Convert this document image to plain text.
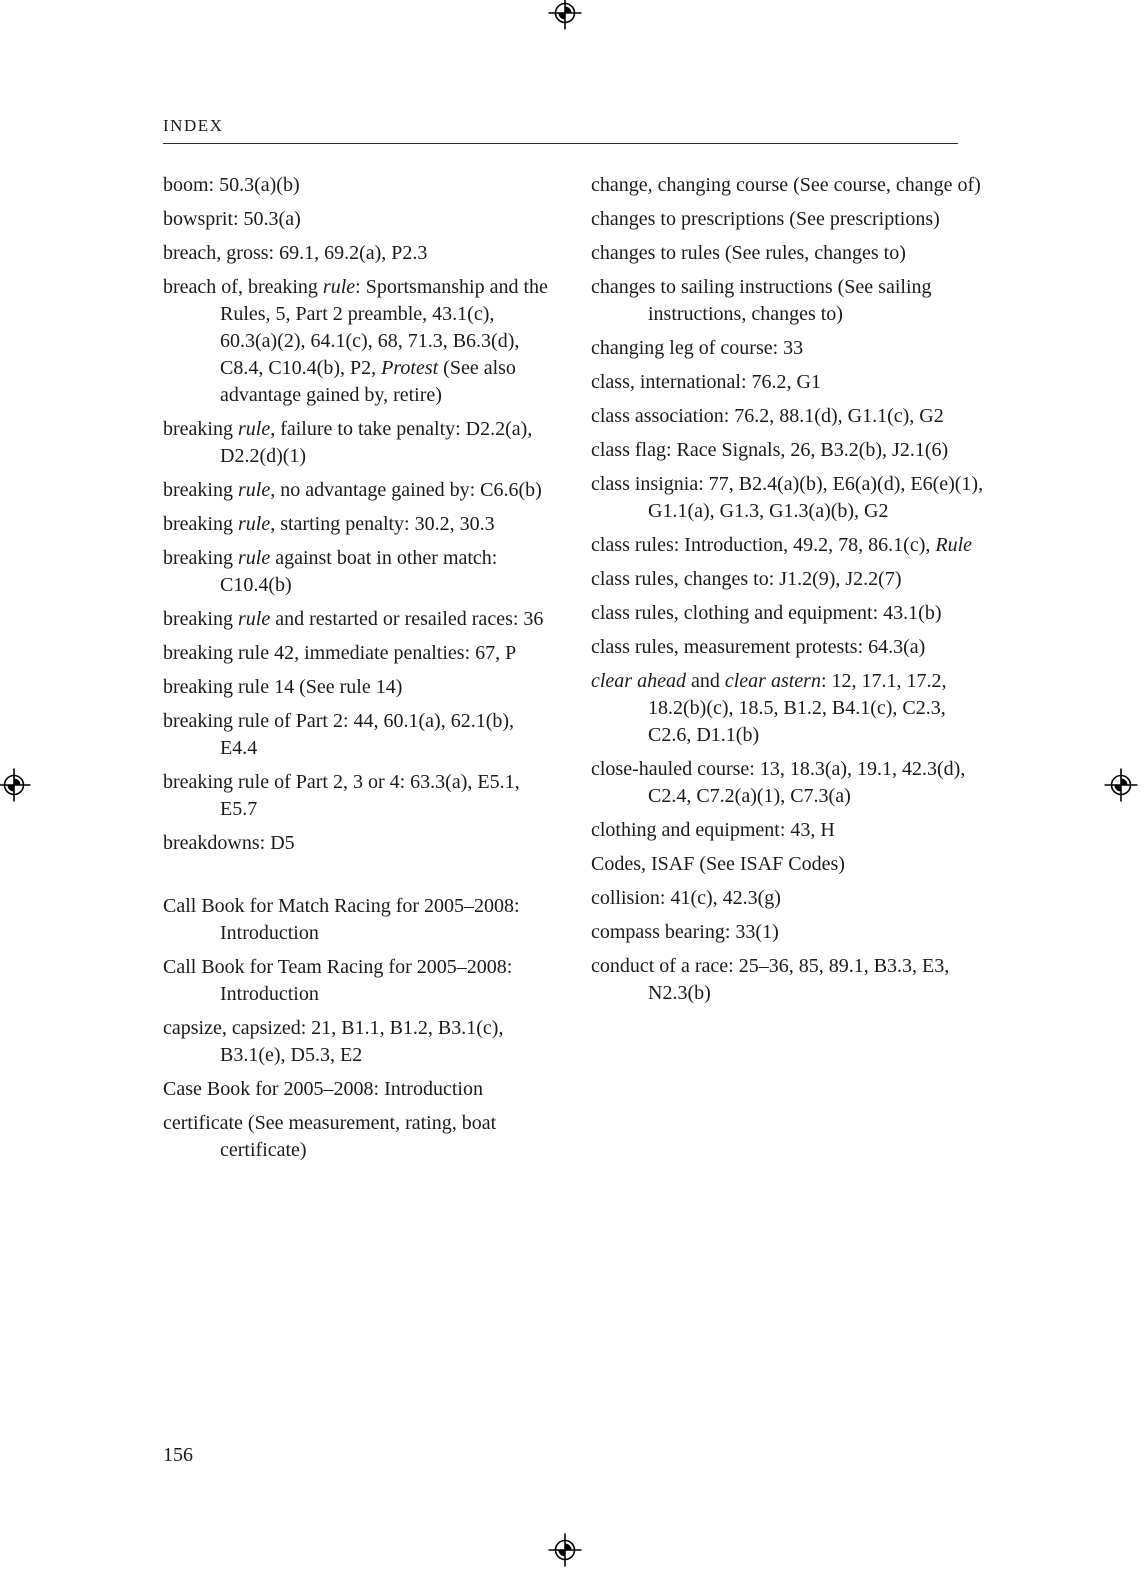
INDEX
boom: 50.3(a)(b)
bowsprit: 50.3(a)
breach, gross: 69.1, 69.2(a), P2.3
breach of, breaking rule: Sportsmanship and the Rules, 5, Part 2 preamble, 43.1(c), 60.3(a)(2), 64.1(c), 68, 71.3, B6.3(d), C8.4, C10.4(b), P2, Protest (See also advantage gained by, retire)
breaking rule, failure to take penalty: D2.2(a), D2.2(d)(1)
breaking rule, no advantage gained by: C6.6(b)
breaking rule, starting penalty: 30.2, 30.3
breaking rule against boat in other match: C10.4(b)
breaking rule and restarted or resailed races: 36
breaking rule 42, immediate penalties: 67, P
breaking rule 14 (See rule 14)
breaking rule of Part 2: 44, 60.1(a), 62.1(b), E4.4
breaking rule of Part 2, 3 or 4: 63.3(a), E5.1, E5.7
breakdowns: D5
Call Book for Match Racing for 2005–2008: Introduction
Call Book for Team Racing for 2005–2008: Introduction
capsize, capsized: 21, B1.1, B1.2, B3.1(c), B3.1(e), D5.3, E2
Case Book for 2005–2008: Introduction
certificate (See measurement, rating, boat certificate)
change, changing course (See course, change of)
changes to prescriptions (See prescriptions)
changes to rules (See rules, changes to)
changes to sailing instructions (See sailing instructions, changes to)
changing leg of course: 33
class, international: 76.2, G1
class association: 76.2, 88.1(d), G1.1(c), G2
class flag: Race Signals, 26, B3.2(b), J2.1(6)
class insignia: 77, B2.4(a)(b), E6(a)(d), E6(e)(1), G1.1(a), G1.3, G1.3(a)(b), G2
class rules: Introduction, 49.2, 78, 86.1(c), Rule
class rules, changes to: J1.2(9), J2.2(7)
class rules, clothing and equipment: 43.1(b)
class rules, measurement protests: 64.3(a)
clear ahead and clear astern: 12, 17.1, 17.2, 18.2(b)(c), 18.5, B1.2, B4.1(c), C2.3, C2.6, D1.1(b)
close-hauled course: 13, 18.3(a), 19.1, 42.3(d), C2.4, C7.2(a)(1), C7.3(a)
clothing and equipment: 43, H
Codes, ISAF (See ISAF Codes)
collision: 41(c), 42.3(g)
compass bearing: 33(1)
conduct of a race: 25–36, 85, 89.1, B3.3, E3, N2.3(b)
156
